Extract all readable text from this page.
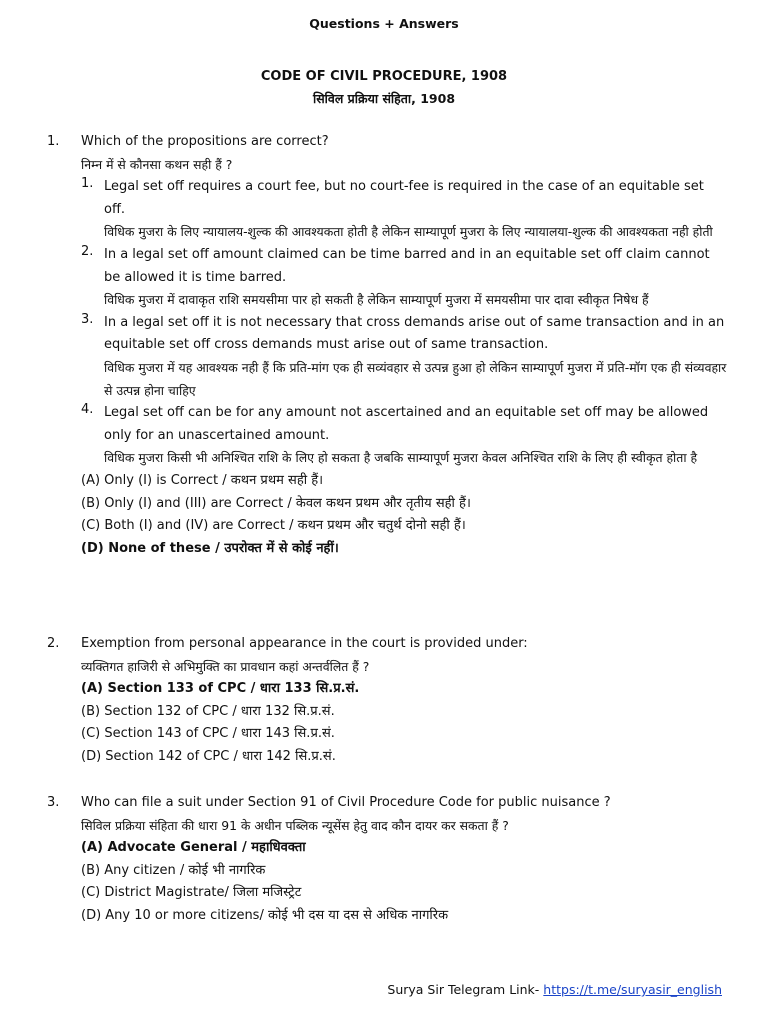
Questions + Answers
CODE OF CIVIL PROCEDURE, 1908
सिविल प्रक्रिया संहिता, 1908
1. Which of the propositions are correct?
निम्न में से कौनसा कथन सही हैं ?
1. Legal set off requires a court fee, but no court-fee is required in the case of an equitable set off.
विधिक मुजरा के लिए न्यायालय-शुल्क की आवश्यकता होती है लेकिन साम्यापूर्ण मुजरा के लिए न्यायालया-शुल्क की आवश्यकता नही होती
2. In a legal set off amount claimed can be time barred and in an equitable set off claim cannot be allowed it is time barred.
विधिक मुजरा में दावाकृत राशि समयसीमा पार हो सकती है लेकिन साम्यापूर्ण मुजरा में समयसीमा पार दावा स्वीकृत निषेध हैं
3. In a legal set off it is not necessary that cross demands arise out of same transaction and in an equitable set off cross demands must arise out of same transaction.
विधिक मुजरा में यह आवश्यक नही हैं कि प्रति-मांग एक ही सव्यंवहार से उत्पन्न हुआ हो लेकिन साम्यापूर्ण मुजरा में प्रति-मॉग एक ही संव्यवहार से उत्पन्न होना चाहिए
4. Legal set off can be for any amount not ascertained and an equitable set off may be allowed only for an unascertained amount.
विधिक मुजरा किसी भी अनिश्चित राशि के लिए हो सकता है जबकि साम्यापूर्ण मुजरा केवल अनिश्चित राशि के लिए ही स्वीकृत होता है
(A) Only (I) is Correct / कथन प्रथम सही हैं।
(B) Only (I) and (III) are Correct / केवल कथन प्रथम और तृतीय सही हैं।
(C) Both (I) and (IV) are Correct / कथन प्रथम और चतुर्थ दोनो सही हैं।
(D) None of these / उपरोक्त में से कोई नहीं।
2. Exemption from personal appearance in the court is provided under:
व्यक्तिगत हाजिरी से अभिमुक्ति का प्रावधान कहां अन्तर्वलित हैं ?
(A) Section 133 of CPC / धारा 133 सि.प्र.सं.
(B) Section 132 of CPC / धारा 132 सि.प्र.सं.
(C) Section 143 of CPC / धारा 143 सि.प्र.सं.
(D) Section 142 of CPC / धारा 142 सि.प्र.सं.
3. Who can file a suit under Section 91 of Civil Procedure Code for public nuisance ?
सिविल प्रक्रिया संहिता की धारा 91 के अधीन पब्लिक न्यूसेंस हेतु वाद कौन दायर कर सकता हैं ?
(A) Advocate General / महाधिवक्ता
(B) Any citizen / कोई भी नागरिक
(C) District Magistrate/ जिला मजिस्ट्रेट
(D) Any 10 or more citizens/ कोई भी दस या दस से अधिक नागरिक
Surya Sir Telegram Link- https://t.me/suryasir_english
